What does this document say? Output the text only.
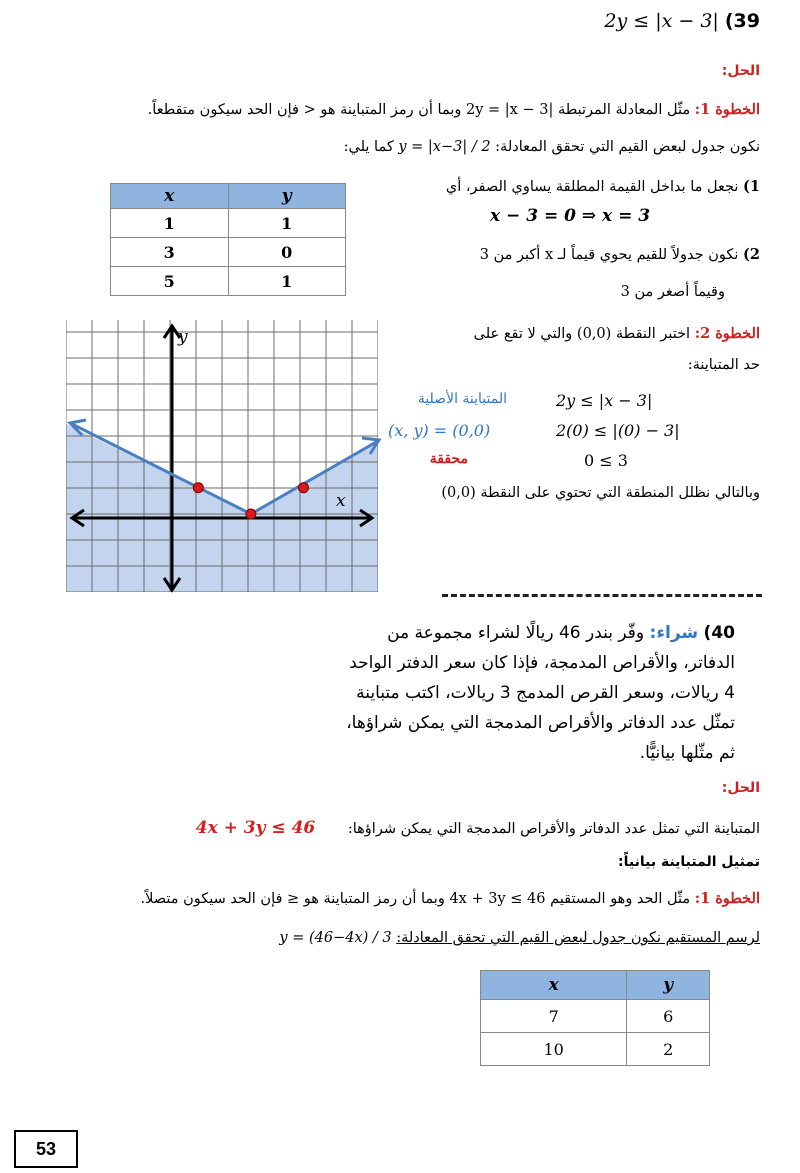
2y ≤ |x − 3| (39
الحل:
الخطوة 1: مثّل المعادلة المرتبطة |2y = |x − 3 وبما أن رمز المتباينة هو < فإن الحد سيكون متقطعاً.
نكون جدول لبعض القيم التي تحقق المعادلة: y = |x−3| / 2 كما يلي:
x	y
1	1
3	0
5	1
1) نجعل ما بداخل القيمة المطلقة يساوي الصفر، أي
x − 3 = 0 ⇒ x = 3
2) نكون جدولاً للقيم يحوي قيماً لـ x أكبر من 3
وقيماً أصغر من 3
x
y	الخطوة 2: اختبر النقطة (0,0) والتي لا تقع على
حد المتباينة:
2y ≤ |x − 3|
المتباينة الأصلية
2(0) ≤ |(0) − 3|
(x, y) = (0,0)
0 ≤ 3
محققة
وبالتالي نظلل المنطقة التي تحتوي على النقطة (0,0)
40) شراء: وفّر بندر 46 ريالًا لشراء مجموعة من الدفاتر، والأقراص المدمجة، فإذا كان سعر الدفتر الواحد 4 ريالات، وسعر القرص المدمج 3 ريالات، اكتب متباينة تمثّل عدد الدفاتر والأقراص المدمجة التي يمكن شراؤها، ثم مثّلها بيانيًّا.
الحل:
المتباينة التي تمثل عدد الدفاتر والأقراص المدمجة التي يمكن شراؤها: 4x + 3y ≤ 46
تمثيل المتباينة بيانياً:
الخطوة 1: مثّل الحد وهو المستقيم 4x + 3y ≤ 46 وبما أن رمز المتباينة هو ≤ فإن الحد سيكون متصلاً.
لرسم المستقيم نكون جدول لبعض القيم التي تحقق المعادلة: y = (46−4x) / 3
x	y
7	6
10	2
53
